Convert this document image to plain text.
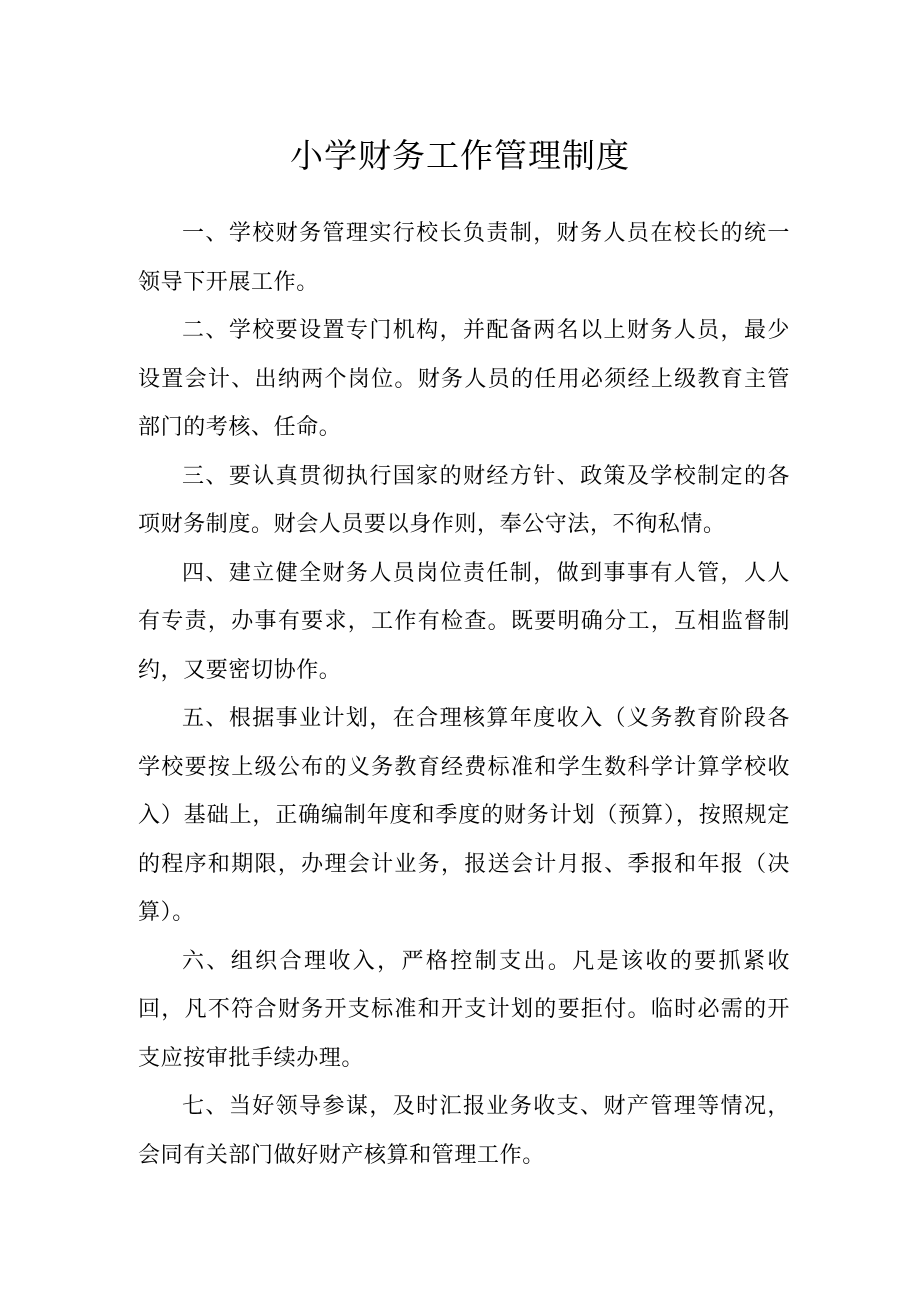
小学财务工作管理制度

一、学校财务管理实行校长负责制，财务人员在校长的统一领导下开展工作。

二、学校要设置专门机构，并配备两名以上财务人员，最少设置会计、出纳两个岗位。财务人员的任用必须经上级教育主管部门的考核、任命。

三、要认真贯彻执行国家的财经方针、政策及学校制定的各项财务制度。财会人员要以身作则，奉公守法，不徇私情。

四、建立健全财务人员岗位责任制，做到事事有人管，人人有专责，办事有要求，工作有检查。既要明确分工，互相监督制约，又要密切协作。

五、根据事业计划，在合理核算年度收入（义务教育阶段各学校要按上级公布的义务教育经费标准和学生数科学计算学校收入）基础上，正确编制年度和季度的财务计划（预算），按照规定的程序和期限，办理会计业务，报送会计月报、季报和年报（决算）。

六、组织合理收入，严格控制支出。凡是该收的要抓紧收回，凡不符合财务开支标准和开支计划的要拒付。临时必需的开支应按审批手续办理。

七、当好领导参谋，及时汇报业务收支、财产管理等情况，会同有关部门做好财产核算和管理工作。
